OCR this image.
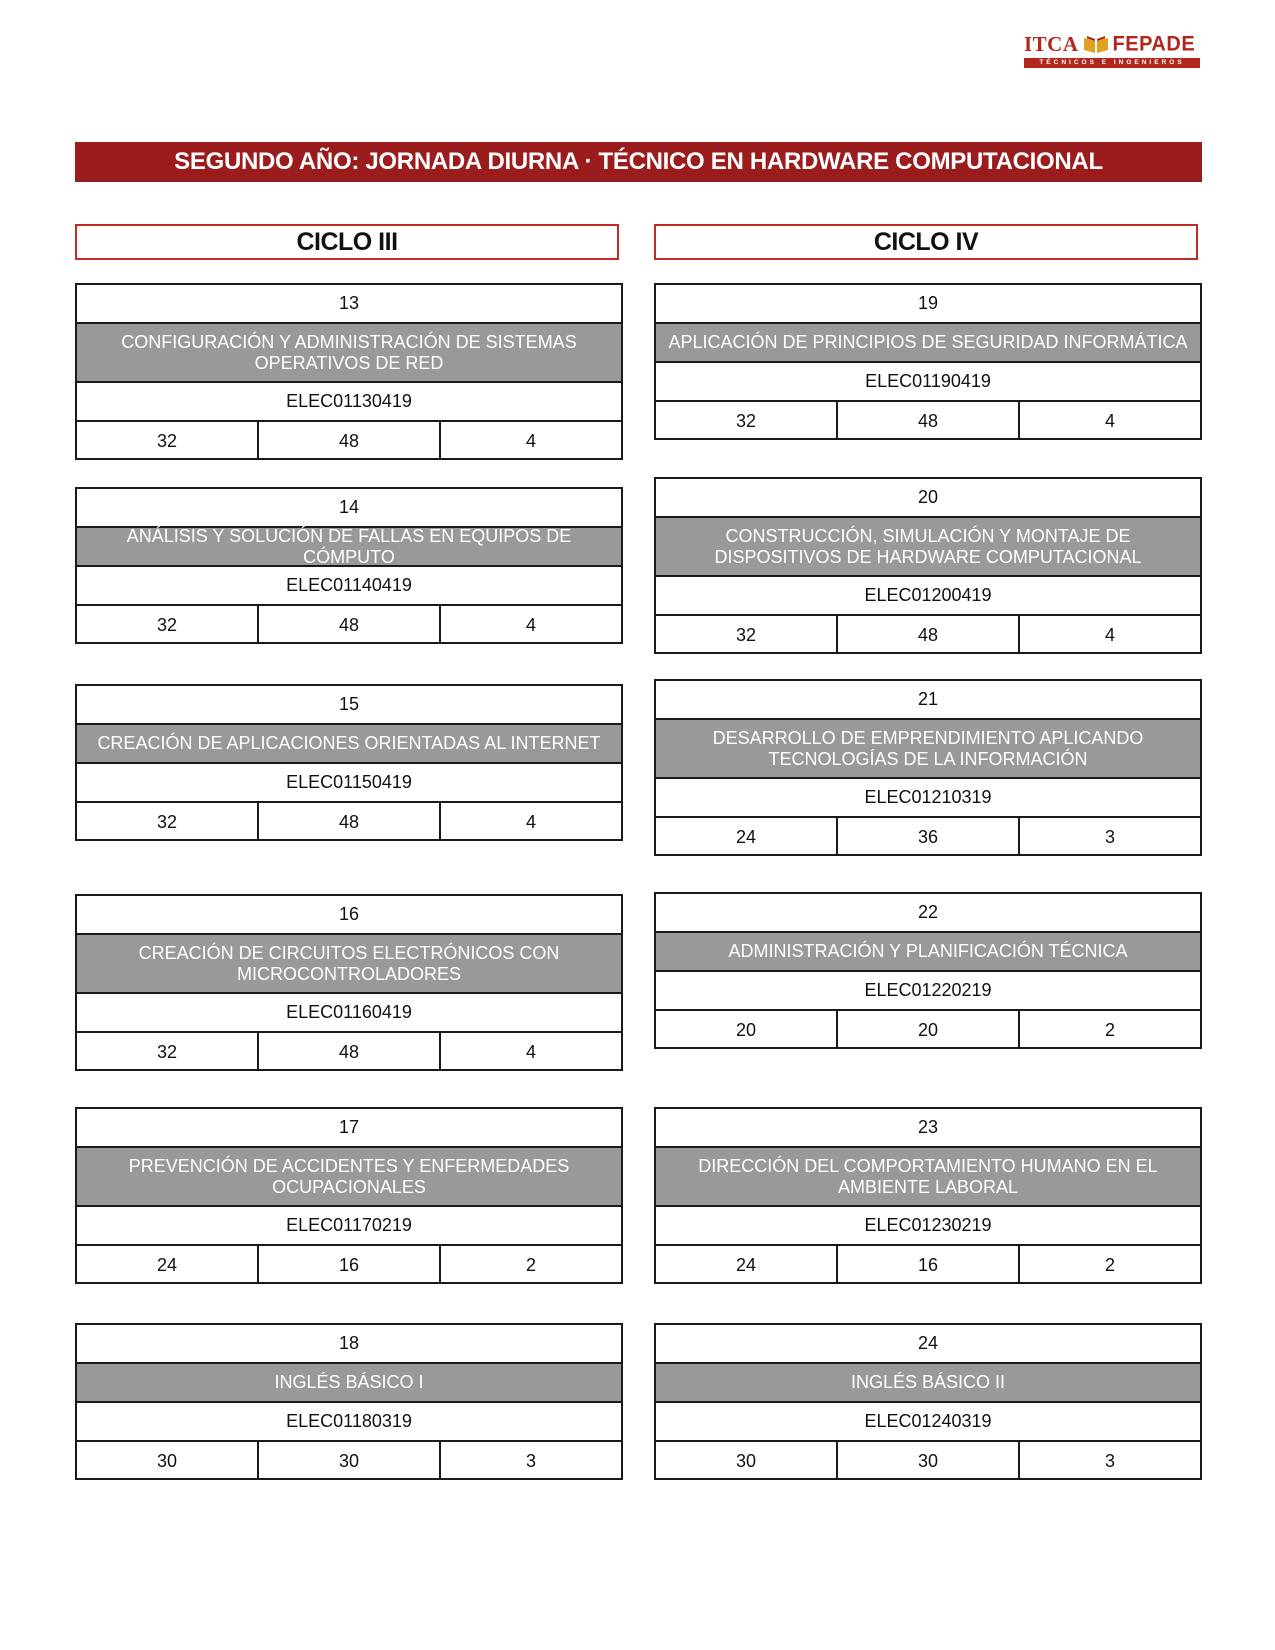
ITCA FEPADE
TÉCNICOS E INGENIEROS
SEGUNDO AÑO: JORNADA DIURNA · TÉCNICO EN HARDWARE COMPUTACIONAL
CICLO III	CICLO IV
13
CONFIGURACIÓN Y ADMINISTRACIÓN DE SISTEMAS OPERATIVOS DE RED
ELEC01130419
32	48	4
14
ANÁLISIS Y SOLUCIÓN DE FALLAS EN EQUIPOS DE CÓMPUTO
ELEC01140419
32	48	4
15
CREACIÓN DE APLICACIONES ORIENTADAS AL INTERNET
ELEC01150419
32	48	4
16
CREACIÓN DE CIRCUITOS ELECTRÓNICOS CON MICROCONTROLADORES
ELEC01160419
32	48	4
17
PREVENCIÓN DE ACCIDENTES Y ENFERMEDADES OCUPACIONALES
ELEC01170219
24	16	2
18
INGLÉS BÁSICO I
ELEC01180319
30	30	3
19
APLICACIÓN DE PRINCIPIOS DE SEGURIDAD INFORMÁTICA
ELEC01190419
32	48	4
20
CONSTRUCCIÓN, SIMULACIÓN Y MONTAJE DE DISPOSITIVOS DE HARDWARE COMPUTACIONAL
ELEC01200419
32	48	4
21
DESARROLLO DE EMPRENDIMIENTO APLICANDO TECNOLOGÍAS DE LA INFORMACIÓN
ELEC01210319
24	36	3
22
ADMINISTRACIÓN Y PLANIFICACIÓN TÉCNICA
ELEC01220219
20	20	2
23
DIRECCIÓN DEL COMPORTAMIENTO HUMANO EN EL AMBIENTE LABORAL
ELEC01230219
24	16	2
24
INGLÉS BÁSICO II
ELEC01240319
30	30	3
